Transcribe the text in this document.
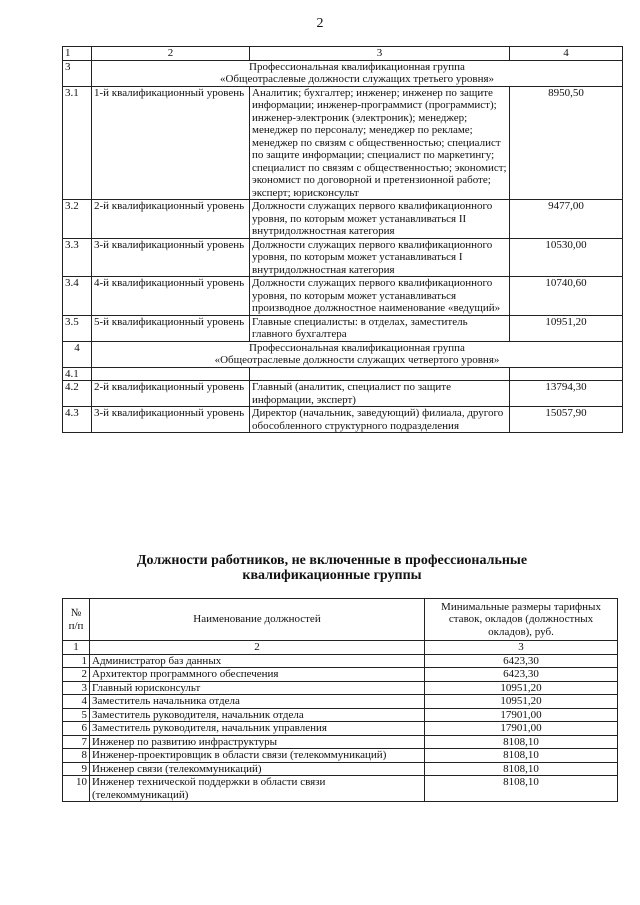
2
1	2	3	4
3	Профессиональная квалификационная группа
«Общеотраслевые должности служащих третьего уровня»		

3.1	1-й квалификационный уровень	Аналитик; бухгалтер; инженер; инженер по защите информации; инженер-программист (программист); инженер-электроник (электроник); менеджер; менеджер по персоналу; менеджер по рекламе; менеджер по связям с общественностью; специалист по защите информации; специалист по маркетингу; специалист по связям с общественностью; экономист; экономист по договорной и претензионной работе; эксперт; юрисконсульт	8950,50
3.2	2-й квалификационный уровень	Должности служащих первого квалификационного уровня, по которым может устанавливаться II внутридолжностная категория	9477,00
3.3	3-й квалификационный уровень	Должности служащих первого квалификационного уровня, по которым может устанавливаться I внутридолжностная категория	10530,00
3.4	4-й квалификационный уровень	Должности служащих первого квалификационного уровня, по которым может устанавливаться производное должностное наименование «ведущий»	10740,60
3.5	5-й квалификационный уровень	Главные специалисты: в отделах, заместитель главного бухгалтера	10951,20
4	Профессиональная квалификационная группа
«Общеотраслевые должности служащих четвертого уровня»		

4.1			
4.2	2-й квалификационный уровень	Главный (аналитик, специалист по защите информации, эксперт)	13794,30
4.3	3-й квалификационный уровень	Директор (начальник, заведующий) филиала, другого обособленного структурного подразделения	15057,90
Должности работников, не включенные в профессиональные
квалификационные группы
№ п/п	Наименование должностей	Минимальные размеры тарифных ставок, окладов (должностных окладов), руб.
1	2	3
1	Администратор баз данных	6423,30
2	Архитектор программного обеспечения	6423,30
3	Главный юрисконсульт	10951,20
4	Заместитель начальника отдела	10951,20
5	Заместитель руководителя, начальник отдела	17901,00
6	Заместитель руководителя, начальник управления	17901,00
7	Инженер по развитию инфраструктуры	8108,10
8	Инженер-проектировщик в области связи (телекоммуникаций)	8108,10
9	Инженер связи (телекоммуникаций)	8108,10
10	Инженер технической поддержки в области связи (телекоммуникаций)	8108,10
